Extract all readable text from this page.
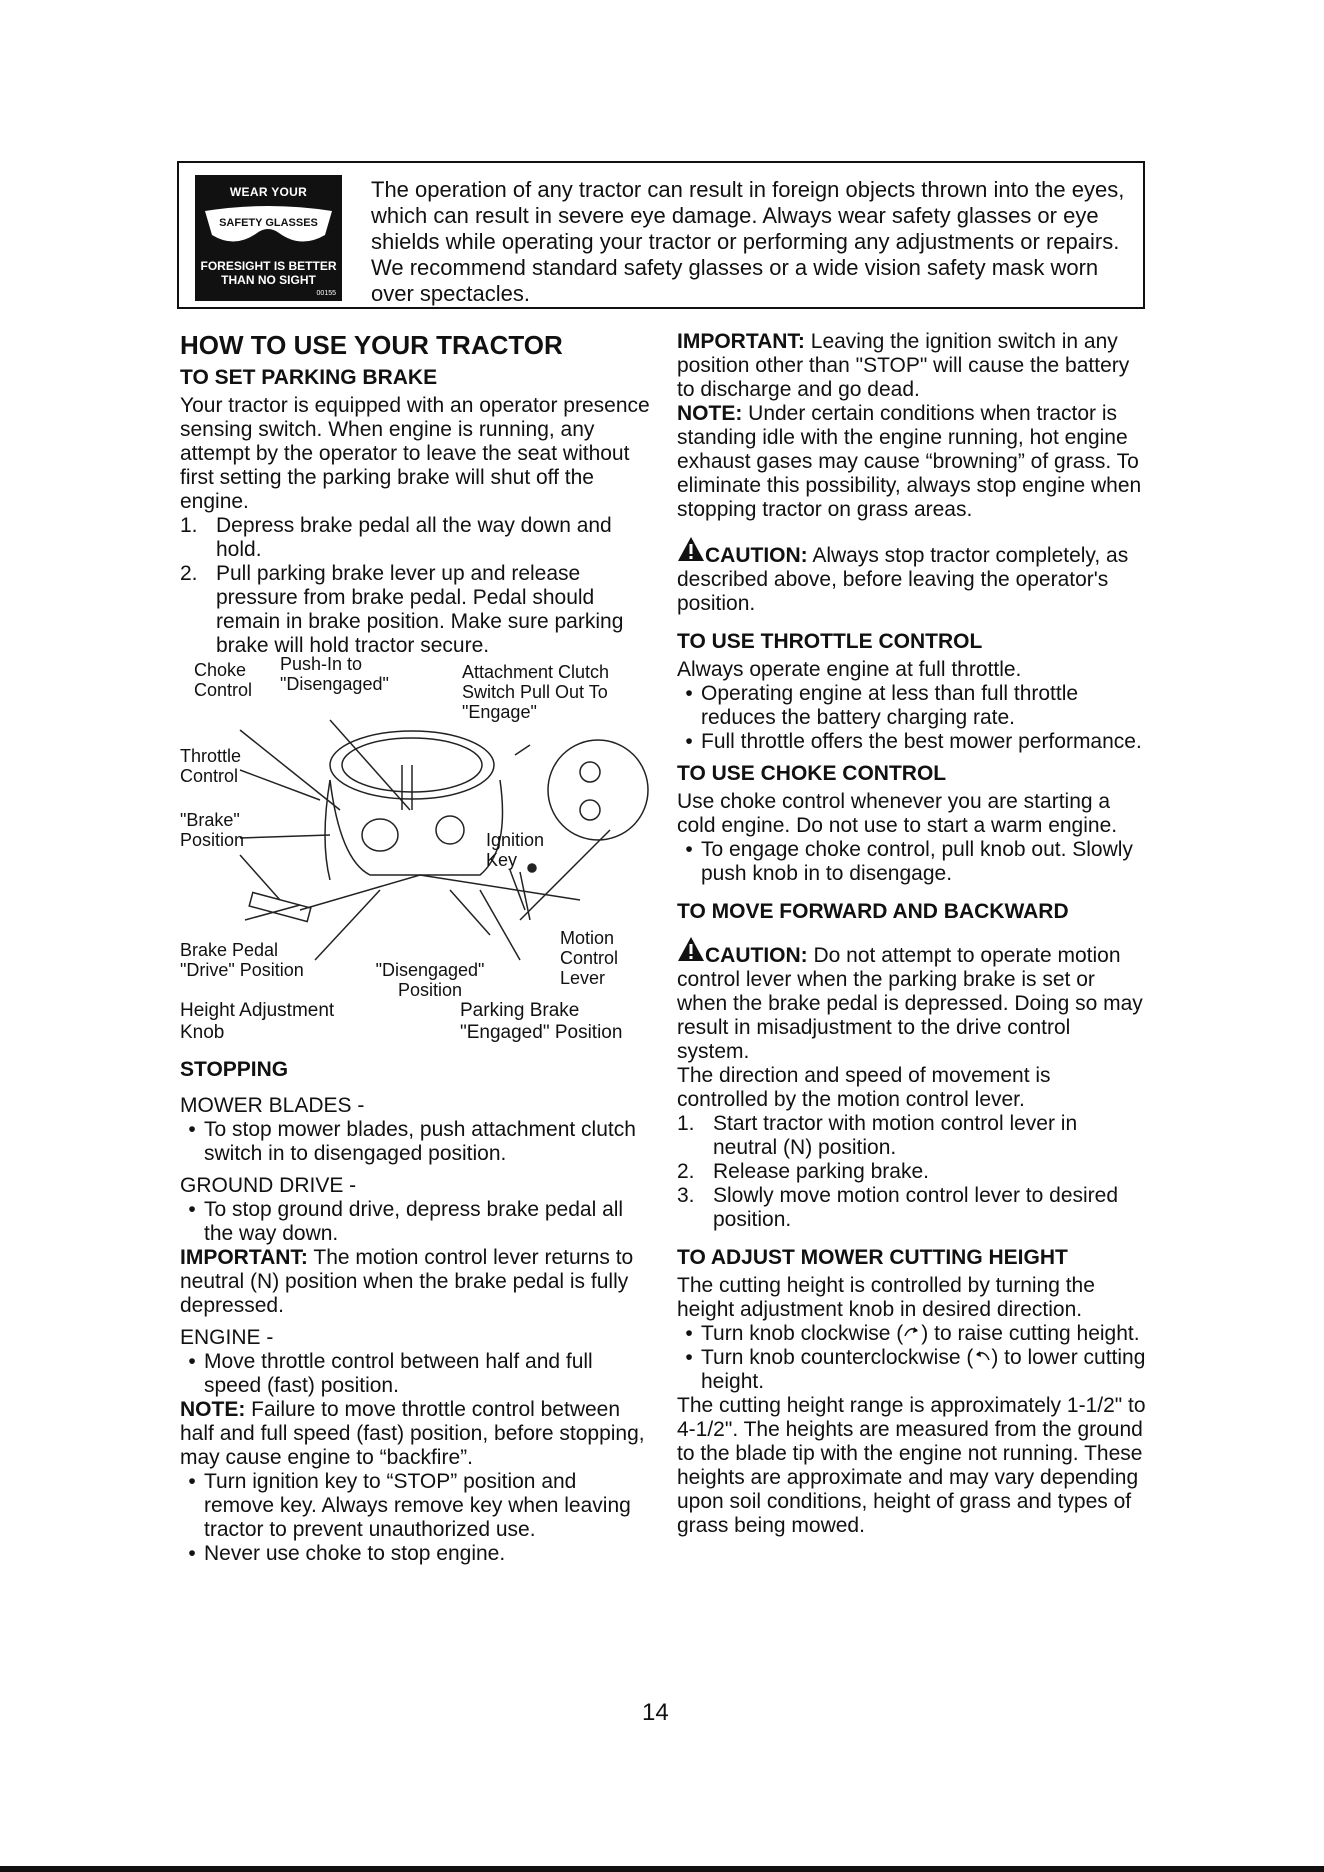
WEAR YOUR
SAFETY GLASSES
FORESIGHT IS BETTER
THAN NO SIGHT
00155
The operation of any tractor can result in foreign objects thrown into the eyes, which can result in severe eye damage. Always wear safety glasses or eye shields while operating your tractor or performing any adjustments or repairs. We recommend standard safety glasses or a wide vision safety mask worn over spectacles.
HOW TO USE YOUR TRACTOR
TO SET PARKING BRAKE

Your tractor is equipped with an operator presence sensing switch. When engine is running, any attempt by the operator to leave the seat without first setting the parking brake will shut off the engine.

1. Depress brake pedal all the way down and hold.
2. Pull parking brake lever up and release pressure from brake pedal. Pedal should remain in brake position. Make sure parking brake will hold tractor secure.
Choke Control
Push-In to "Disengaged"
Attachment Clutch Switch Pull Out To "Engage"
Throttle Control
"Brake" Position	Ignition Key
Brake Pedal
"Drive" Position	"Disengaged" Position
Motion Control Lever
Height Adjustment Knob
Parking Brake "Engaged" Position
STOPPING

MOWER BLADES -

• To stop mower blades, push attachment clutch switch in to disengaged position.

GROUND DRIVE -

• To stop ground drive, depress brake pedal all the way down.

IMPORTANT: The motion control lever returns to neutral (N) position when the brake pedal is fully depressed.

ENGINE -

• Move throttle control between half and full speed (fast) position.

NOTE: Failure to move throttle control between half and full speed (fast) position, before stopping, may cause engine to “backfire”.

• Turn ignition key to “STOP” position and remove key. Always remove key when leaving tractor to prevent unauthorized use.
• Never use choke to stop engine.

IMPORTANT: Leaving the ignition switch in any position other than "STOP" will cause the battery to discharge and go dead.

NOTE: Under certain conditions when tractor is standing idle with the engine running, hot engine exhaust gases may cause “browning” of grass. To eliminate this possibility, always stop engine when stopping tractor on grass areas.

CAUTION: Always stop tractor completely, as described above, before leaving the operator's position.

TO USE THROTTLE CONTROL

Always operate engine at full throttle.

• Operating engine at less than full throttle reduces the battery charging rate.
• Full throttle offers the best mower performance.
TO USE CHOKE CONTROL

Use choke control whenever you are starting a cold engine. Do not use to start a warm engine.

• To engage choke control, pull knob out. Slowly push knob in to disengage.
TO MOVE FORWARD AND BACKWARD

CAUTION: Do not attempt to operate motion control lever when the parking brake is set or when the brake pedal is depressed. Doing so may result in misadjustment to the drive control system.

The direction and speed of movement is controlled by the motion control lever.

1. Start tractor with motion control lever in neutral (N) position.
2. Release parking brake.
3. Slowly move motion control lever to desired position.
TO ADJUST MOWER CUTTING HEIGHT

The cutting height is controlled by turning the height adjustment knob in desired direction.

• Turn knob clockwise ( ) to raise cutting height.
• Turn knob counterclockwise ( ) to lower cutting height.

The cutting height range is approximately 1-1/2" to 4-1/2". The heights are measured from the ground to the blade tip with the engine not running. These heights are approximate and may vary depending upon soil conditions, height of grass and types of grass being mowed.

14
